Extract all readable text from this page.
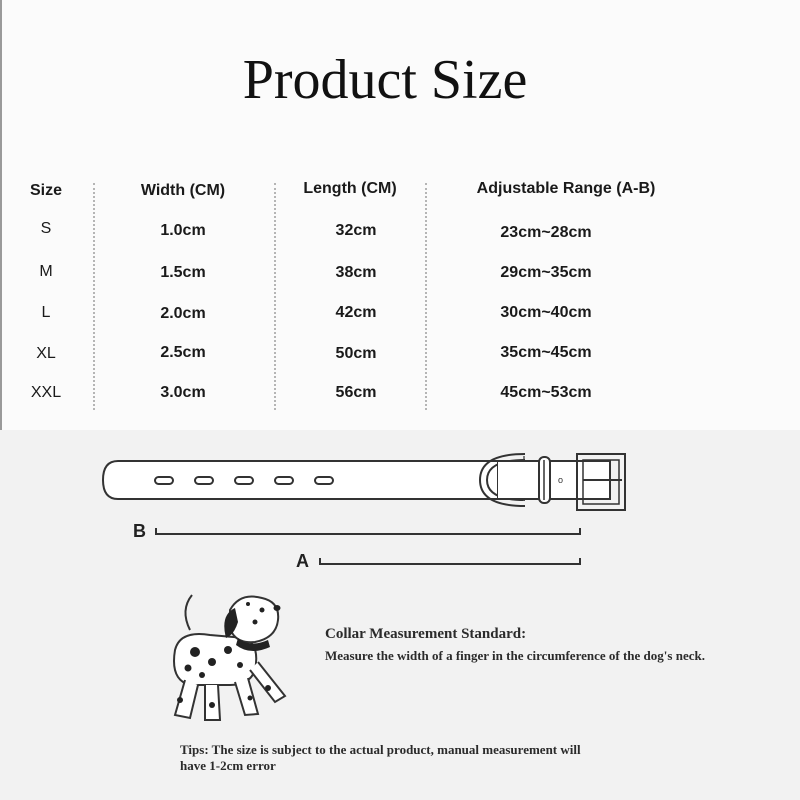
Product Size
Size	Width (CM)	Length (CM)	Adjustable Range (A-B)
S	1.0cm	32cm	23cm~28cm
M	1.5cm	38cm	29cm~35cm
L	2.0cm	42cm	30cm~40cm
XL	2.5cm	50cm	35cm~45cm
XXL	3.0cm	56cm	45cm~53cm
o
B
A
Collar Measurement Standard:
Measure the width of a finger in the circumference of the dog's neck.
Tips: The size is subject to the actual product, manual measurement will have 1-2cm error
